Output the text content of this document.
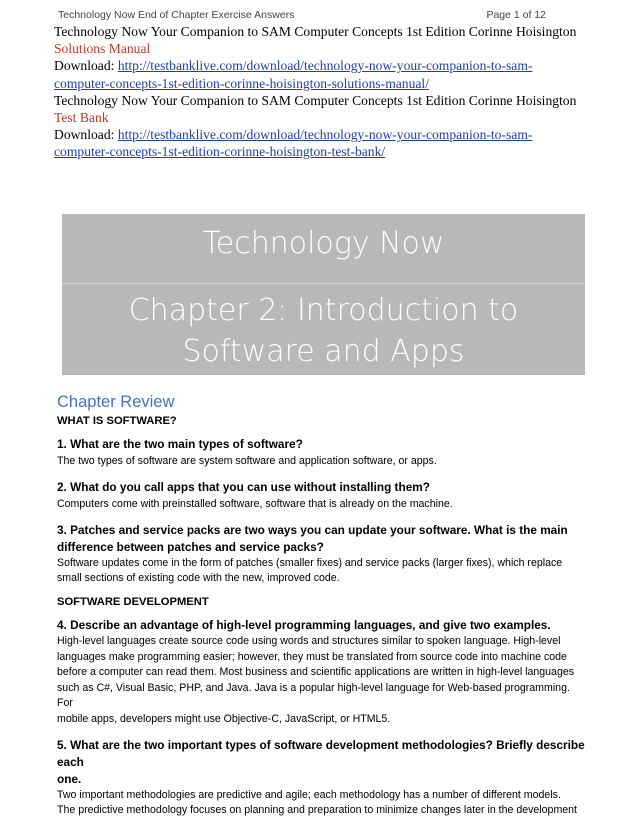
Technology Now End of Chapter Exercise Answers	Page 1 of 12
Technology Now Your Companion to SAM Computer Concepts 1st Edition Corinne Hoisington
Solutions Manual
Download: http://testbanklive.com/download/technology-now-your-companion-to-sam-
computer-concepts-1st-edition-corinne-hoisington-solutions-manual/
Technology Now Your Companion to SAM Computer Concepts 1st Edition Corinne Hoisington
Test Bank
Download: http://testbanklive.com/download/technology-now-your-companion-to-sam-
computer-concepts-1st-edition-corinne-hoisington-test-bank/
Technology Now
Chapter 2: Introduction to
Software and Apps
Chapter Review
WHAT IS SOFTWARE?

1. What are the two main types of software?

The two types of software are system software and application software, or apps.

2. What do you call apps that you can use without installing them?

Computers come with preinstalled software, software that is already on the machine.

3. Patches and service packs are two ways you can update your software. What is the main
difference between patches and service packs?

Software updates come in the form of patches (smaller fixes) and service packs (larger fixes), which replace
small sections of existing code with the new, improved code.

SOFTWARE DEVELOPMENT

4. Describe an advantage of high-level programming languages, and give two examples.

High-level languages create source code using words and structures similar to spoken language. High-level
languages make programming easier; however, they must be translated from source code into machine code
before a computer can read them. Most business and scientific applications are written in high-level languages
such as C#, Visual Basic, PHP, and Java. Java is a popular high-level language for Web-based programming. For
mobile apps, developers might use Objective-C, JavaScript, or HTML5.

5. What are the two important types of software development methodologies? Briefly describe each
one.

Two important methodologies are predictive and agile; each methodology has a number of different models.
The predictive methodology focuses on planning and preparation to minimize changes later in the development
